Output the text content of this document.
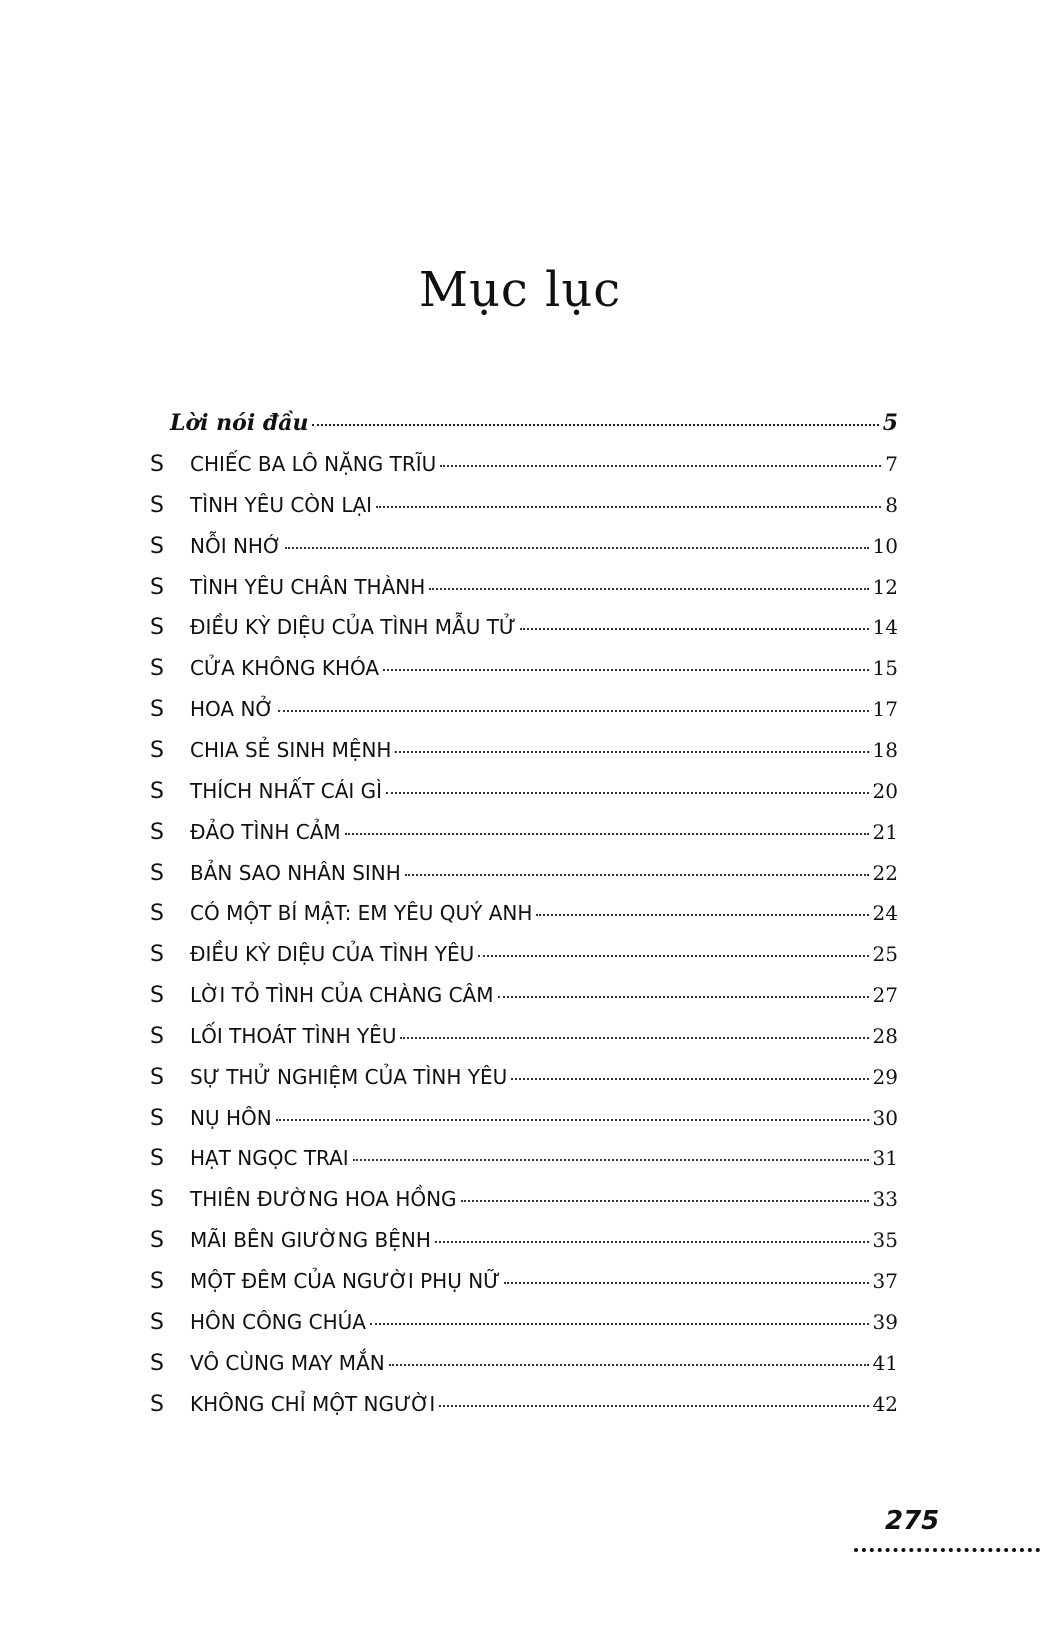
Mục lục
Lời nói đầu	5
S	CHIẾC BA LÔ NẶNG TRĨU	7
S	TÌNH YÊU CÒN LẠI	8
S	NỖI NHỚ	10
S	TÌNH YÊU CHÂN THÀNH	12
S	ĐIỀU KỲ DIỆU CỦA TÌNH MẪU TỬ	14
S	CỬA KHÔNG KHÓA	15
S	HOA NỞ	17
S	CHIA SẺ SINH MỆNH	18
S	THÍCH NHẤT CÁI GÌ	20
S	ĐẢO TÌNH CẢM	21
S	BẢN SAO NHÂN SINH	22
S	CÓ MỘT BÍ MẬT: EM YÊU QUÝ ANH	24
S	ĐIỀU KỲ DIỆU CỦA TÌNH YÊU	25
S	LỜI TỎ TÌNH CỦA CHÀNG CÂM	27
S	LỐI THOÁT TÌNH YÊU	28
S	SỰ THỬ NGHIỆM CỦA TÌNH YÊU	29
S	NỤ HÔN	30
S	HẠT NGỌC TRAI	31
S	THIÊN ĐƯỜNG HOA HỒNG	33
S	MÃI BÊN GIƯỜNG BỆNH	35
S	MỘT ĐÊM CỦA NGƯỜI PHỤ NỮ	37
S	HÔN CÔNG CHÚA	39
S	VÔ CÙNG MAY MẮN	41
S	KHÔNG CHỈ MỘT NGƯỜI	42
275
